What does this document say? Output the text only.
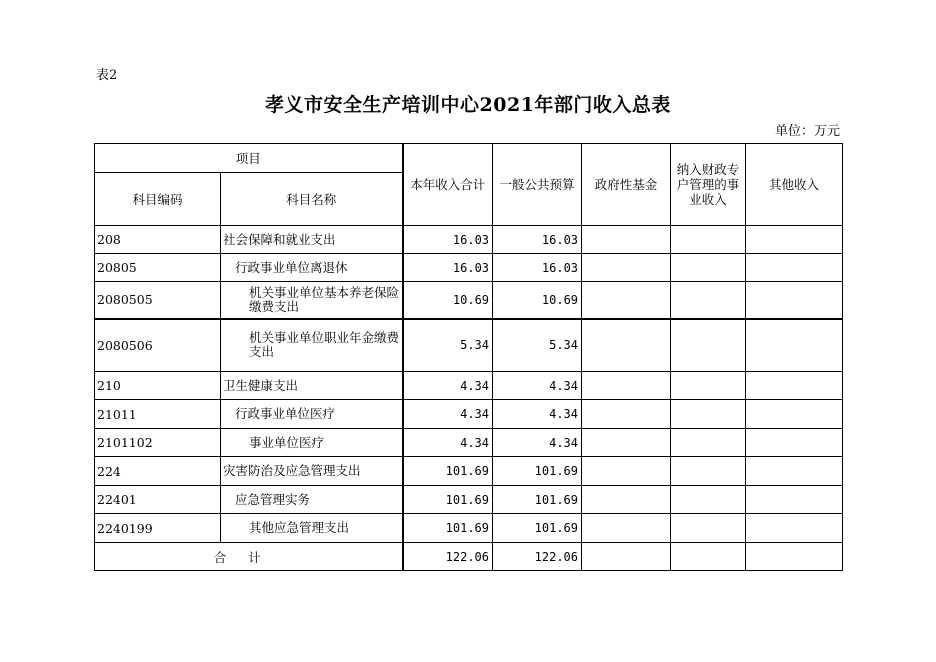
表2
孝义市安全生产培训中心2021年部门收入总表
单位：万元
项目		本年收入合计	一般公共预算	政府性基金	纳入财政专户管理的事业收入	其他收入
科目编码	科目名称					
208	社会保障和就业支出	16.03	16.03			
20805	行政事业单位离退休	16.03	16.03			
2080505	机关事业单位基本养老保险缴费支出	10.69	10.69			
2080506	机关事业单位职业年金缴费支出	5.34	5.34			
210	卫生健康支出	4.34	4.34			
21011	行政事业单位医疗	4.34	4.34			
2101102	事业单位医疗	4.34	4.34			
224	灾害防治及应急管理支出	101.69	101.69			
22401	应急管理实务	101.69	101.69			
2240199	其他应急管理支出	101.69	101.69			
合计		122.06	122.06			
